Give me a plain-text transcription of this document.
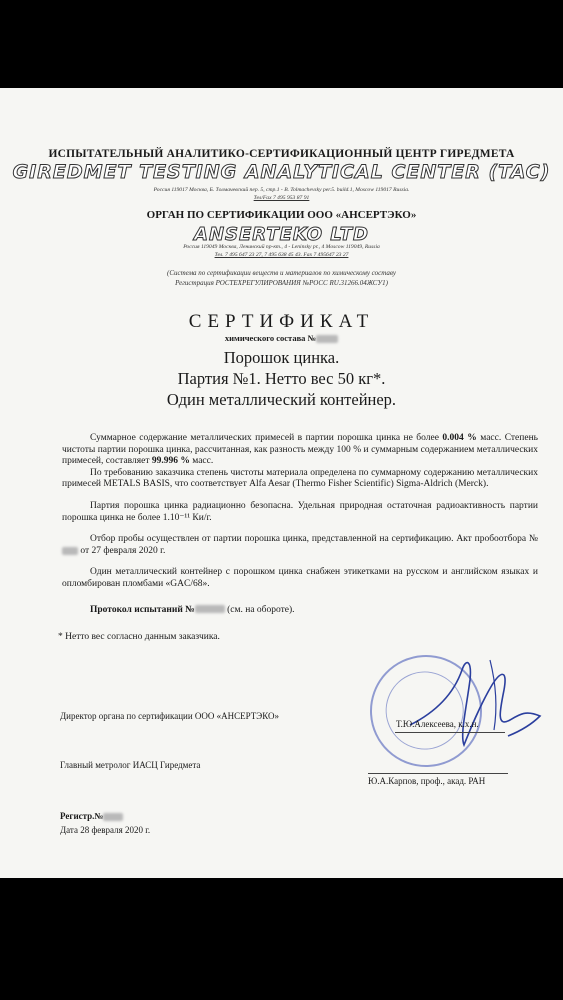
ИСПЫТАТЕЛЬНЫЙ АНАЛИТИКО-СЕРТИФИКАЦИОННЫЙ ЦЕНТР ГИРЕДМЕТА
GIREDMET TESTING ANALYTICAL CENTER (TAC)
Россия 119017 Москва, Б. Толмачевский пер. 5, стр.1 - B. Tolmachevsky per.5. build.1, Moscow 119017 Russia.
Тел/Fax 7 495 953 87 91
ОРГАН ПО СЕРТИФИКАЦИИ ООО «АНСЕРТЭКО»
ANSERTEKO LTD
Россия 119049 Москва, Ленинский пр-кт., 4 - Leninsky pr., 4 Moscow 119049, Russia
Тел. 7 495 647 23 27, 7 495 638 45 43. Fax 7 495647 23 27
(Система по сертификации веществ и материалов по химическому составу
Регистрация РОСТЕХРЕГУЛИРОВАНИЯ №РОСС RU.31266.04ЖСУ1)
СЕРТИФИКАТ
химического состава №
Порошок цинка.
Партия №1. Нетто вес 50 кг*.
Один металлический контейнер.

Суммарное содержание металлических примесей в партии порошка цинка не более 0.004 % масс. Степень чистоты партии порошка цинка, рассчитанная, как разность между 100 % и суммарным содержанием металлических примесей, составляет 99.996 % масс.

По требованию заказчика степень чистоты материала определена по суммарному содержанию металлических примесей METALS BASIS, что соответствует Alfa Aesar (Thermo Fisher Scientific) Sigma-Aldrich (Merck).

Партия порошка цинка радиационно безопасна. Удельная природная остаточная радиоактивность партии порошка цинка не более 1.10⁻¹¹ Ки/г.

Отбор пробы осуществлен от партии порошка цинка, представленной на сертификацию. Акт пробоотбора № от 27 февраля 2020 г.

Один металлический контейнер с порошком цинка снабжен этикетками на русском и английском языках и опломбирован пломбами «GAC/68».

Протокол испытаний №	(см. на обороте).

* Нетто вес согласно данным заказчика.

Директор органа по сертификации ООО «АНСЕРТЭКО»
Т.Ю.Алексеева, к.х.н.
Главный метролог ИАСЦ Гиредмета
Ю.А.Карпов, проф., акад. РАН
Регистр.№
Дата 28 февраля 2020 г.
